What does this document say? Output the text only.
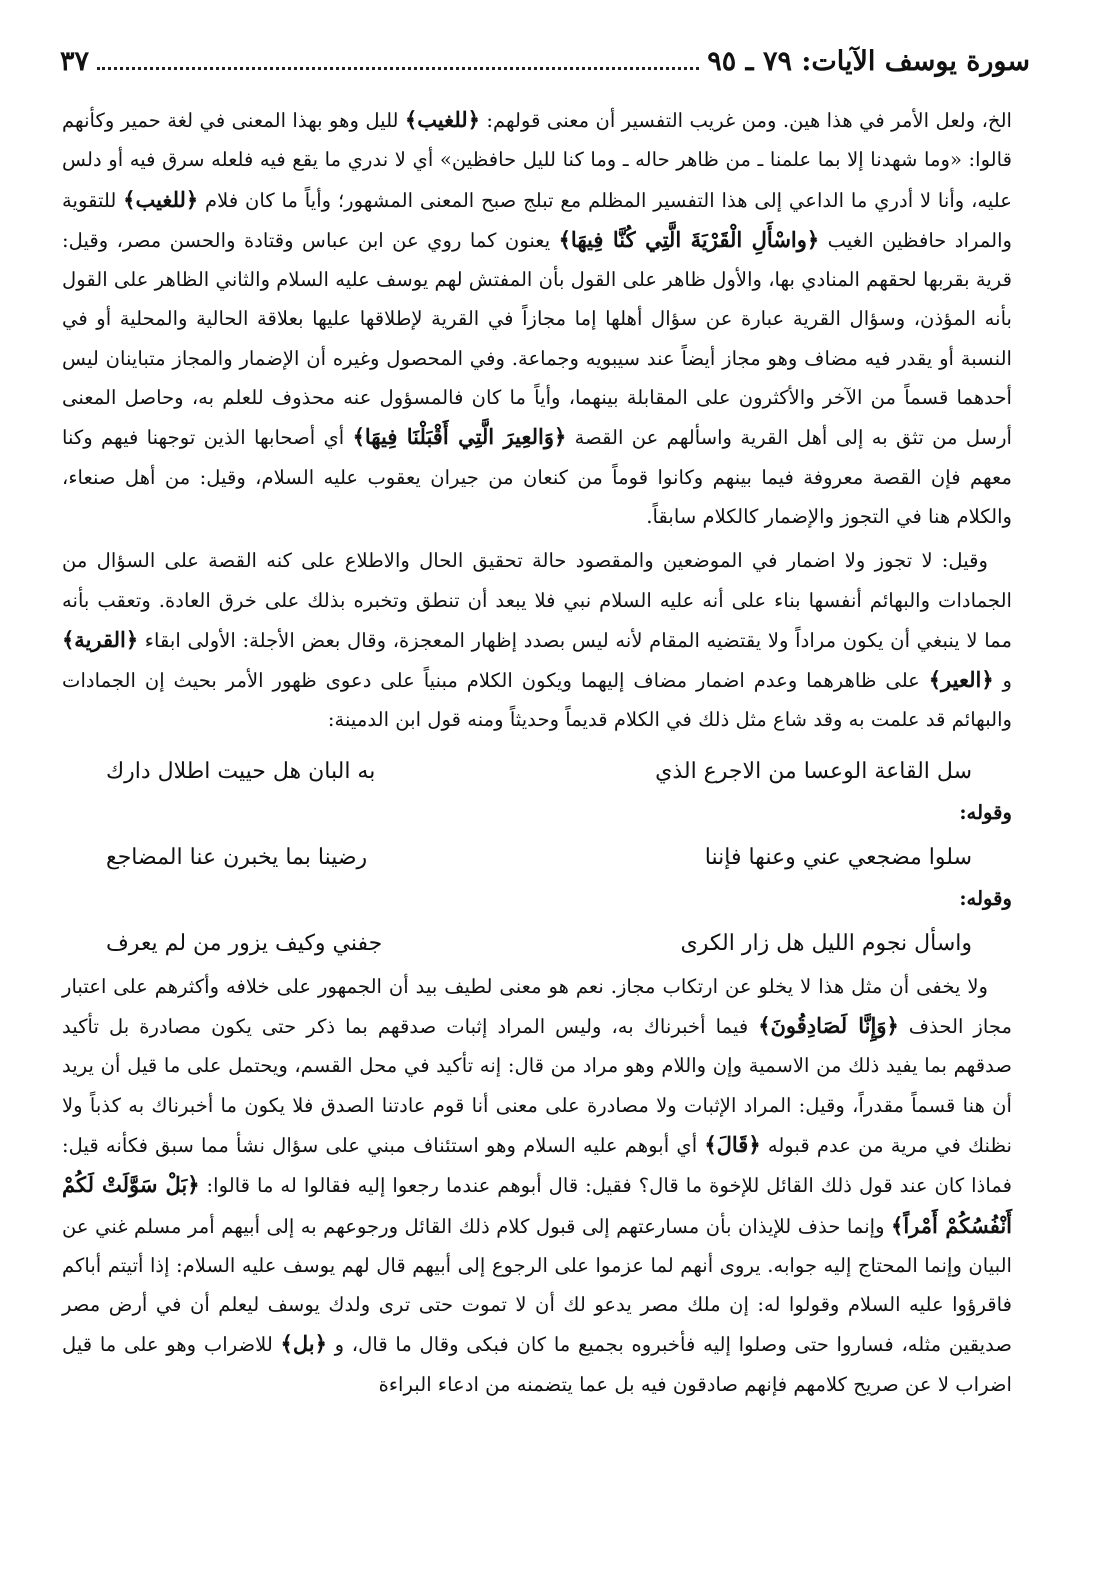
سورة يوسف الآيات: ٧٩ ـ ٩٥
٣٧

الخ، ولعل الأمر في هذا هين. ومن غريب التفسير أن معنى قولهم: ﴿للغيب﴾ لليل وهو بهذا المعنى في لغة حمير وكأنهم قالوا: «وما شهدنا إلا بما علمنا ـ من ظاهر حاله ـ وما كنا لليل حافظين» أي لا ندري ما يقع فيه فلعله سرق فيه أو دلس عليه، وأنا لا أدري ما الداعي إلى هذا التفسير المظلم مع تبلج صبح المعنى المشهور؛ وأياً ما كان فلام ﴿للغيب﴾ للتقوية والمراد حافظين الغيب ﴿واسْأَلِ الْقَرْيَةَ الَّتِي كُنَّا فِيهَا﴾ يعنون كما روي عن ابن عباس وقتادة والحسن مصر، وقيل: قرية بقربها لحقهم المنادي بها، والأول ظاهر على القول بأن المفتش لهم يوسف عليه السلام والثاني الظاهر على القول بأنه المؤذن، وسؤال القرية عبارة عن سؤال أهلها إما مجازاً في القرية لإطلاقها عليها بعلاقة الحالية والمحلية أو في النسبة أو يقدر فيه مضاف وهو مجاز أيضاً عند سيبويه وجماعة. وفي المحصول وغيره أن الإضمار والمجاز متباينان ليس أحدهما قسماً من الآخر والأكثرون على المقابلة بينهما، وأياً ما كان فالمسؤول عنه محذوف للعلم به، وحاصل المعنى أرسل من تثق به إلى أهل القرية واسألهم عن القصة ﴿وَالعِيرَ الَّتِي أَقْبَلْنَا فِيهَا﴾ أي أصحابها الذين توجهنا فيهم وكنا معهم فإن القصة معروفة فيما بينهم وكانوا قوماً من كنعان من جيران يعقوب عليه السلام، وقيل: من أهل صنعاء، والكلام هنا في التجوز والإضمار كالكلام سابقاً.

وقيل: لا تجوز ولا اضمار في الموضعين والمقصود حالة تحقيق الحال والاطلاع على كنه القصة على السؤال من الجمادات والبهائم أنفسها بناء على أنه عليه السلام نبي فلا يبعد أن تنطق وتخبره بذلك على خرق العادة. وتعقب بأنه مما لا ينبغي أن يكون مراداً ولا يقتضيه المقام لأنه ليس بصدد إظهار المعجزة، وقال بعض الأجلة: الأولى ابقاء ﴿القرية﴾ و ﴿العير﴾ على ظاهرهما وعدم اضمار مضاف إليهما ويكون الكلام مبنياً على دعوى ظهور الأمر بحيث إن الجمادات والبهائم قد علمت به وقد شاع مثل ذلك في الكلام قديماً وحديثاً ومنه قول ابن الدمينة:

سل القاعة الوعسا من الاجرع الذي
به البان هل حييت اطلال دارك
وقوله:
سلوا مضجعي عني وعنها فإننا
رضينا بما يخبرن عنا المضاجع
وقوله:
واسأل نجوم الليل هل زار الكرى
جفني وكيف يزور من لم يعرف

ولا يخفى أن مثل هذا لا يخلو عن ارتكاب مجاز. نعم هو معنى لطيف بيد أن الجمهور على خلافه وأكثرهم على اعتبار مجاز الحذف ﴿وَإِنَّا لَصَادِقُونَ﴾ فيما أخبرناك به، وليس المراد إثبات صدقهم بما ذكر حتى يكون مصادرة بل تأكيد صدقهم بما يفيد ذلك من الاسمية وإن واللام وهو مراد من قال: إنه تأكيد في محل القسم، ويحتمل على ما قيل أن يريد أن هنا قسماً مقدراً، وقيل: المراد الإثبات ولا مصادرة على معنى أنا قوم عادتنا الصدق فلا يكون ما أخبرناك به كذباً ولا نظنك في مرية من عدم قبوله ﴿قَالَ﴾ أي أبوهم عليه السلام وهو استئناف مبني على سؤال نشأ مما سبق فكأنه قيل: فماذا كان عند قول ذلك القائل للإخوة ما قال؟ فقيل: قال أبوهم عندما رجعوا إليه فقالوا له ما قالوا: ﴿بَلْ سَوَّلَتْ لَكُمْ أَنْفُسُكُمْ أَمْراً﴾ وإنما حذف للإيذان بأن مسارعتهم إلى قبول كلام ذلك القائل ورجوعهم به إلى أبيهم أمر مسلم غني عن البيان وإنما المحتاج إليه جوابه. يروى أنهم لما عزموا على الرجوع إلى أبيهم قال لهم يوسف عليه السلام: إذا أتيتم أباكم فاقرؤوا عليه السلام وقولوا له: إن ملك مصر يدعو لك أن لا تموت حتى ترى ولدك يوسف ليعلم أن في أرض مصر صديقين مثله، فساروا حتى وصلوا إليه فأخبروه بجميع ما كان فبكى وقال ما قال، و ﴿بل﴾ للاضراب وهو على ما قيل اضراب لا عن صريح كلامهم فإنهم صادقون فيه بل عما يتضمنه من ادعاء البراءة
